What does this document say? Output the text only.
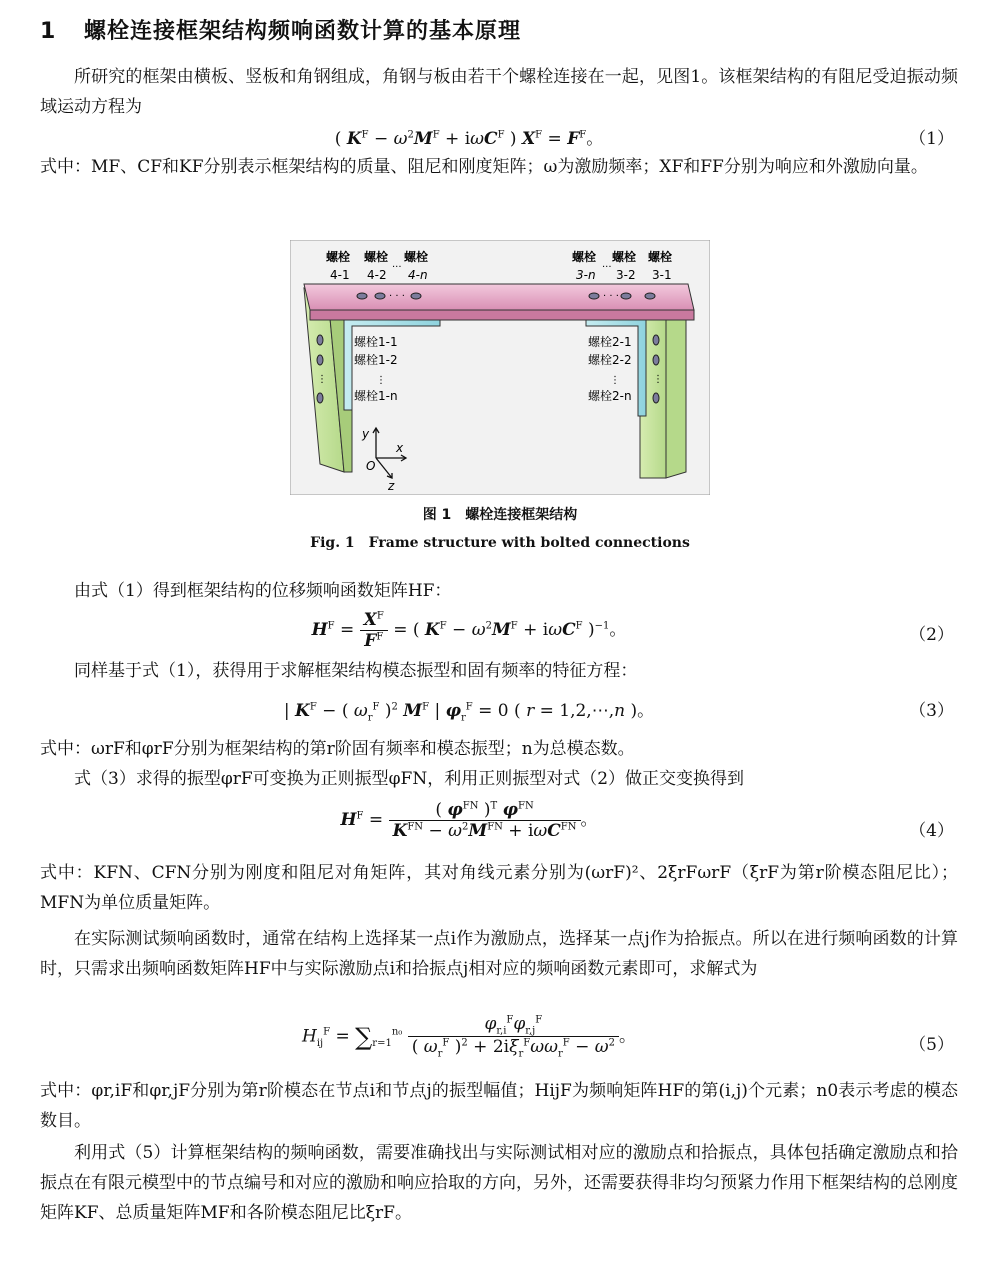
1 螺栓连接框架结构频响函数计算的基本原理
所研究的框架由横板、竖板和角钢组成，角钢与板由若干个螺栓连接在一起，见图1。该框架结构的有阻尼受迫振动频域运动方程为
( $K^F - \omega^2M^F + i\omega C^F$ ) $X^F = F^F$。	（1）
式中：MF、CF和KF分别表示框架结构的质量、阻尼和刚度矩阵；ω为激励频率；XF和FF分别为响应和外激励向量。
· · ·	· · ·
⋮	⋮
螺栓 螺栓 螺栓
4-1 4-2 4-n
···
螺栓 螺栓 螺栓
3-n 3-2 3-1
···
螺栓1-1
螺栓1-2
⋮
螺栓1-n
螺栓2-1
螺栓2-2
⋮
螺栓2-n
y
x
z
O
图 1　螺栓连接框架结构
Fig. 1　Frame structure with bolted connections
由式（1）得到框架结构的位移频响函数矩阵HF：
$H^F = \frac{X^F}{F^F}$ = ( $K^F - \omega^2M^F + i\omega C^F$ )$^{-1}$。	（2）
同样基于式（1），获得用于求解框架结构模态振型和固有频率的特征方程：
| $K^F$ − ( $\omega_r^F$ )$^2$ $M^F$ | $\varphi_r^F = 0$ ( r = 1,2,⋯,n )。	（3）
式中：ωrF和φrF分别为框架结构的第r阶固有频率和模态振型；n为总模态数。
式（3）求得的振型φrF可变换为正则振型φFN，利用正则振型对式（2）做正交变换得到
$H^F = \frac{( \varphi^{FN} )^T \varphi^{FN}}{K^{FN} - \omega^2M^{FN} + i\omega C^{FN}}$ 。
（4）
式中：KFN、CFN分别为刚度和阻尼对角矩阵，其对角线元素分别为(ωrF)²、2ξrFωrF（ξrF为第r阶模态阻尼比）；MFN为单位质量矩阵。
在实际测试频响函数时，通常在结构上选择某一点i作为激励点，选择某一点j作为拾振点。所以在进行频响函数的计算时，只需求出频响函数矩阵HF中与实际激励点i和拾振点j相对应的频响函数元素即可，求解式为
$H_{ij}^F = \sum_{r=1}^{n_0} \frac{\varphi_{r,i}^F\varphi_{r,j}^F}{( \omega_r^F )^2 + 2i\xi_r^F\omega\omega_r^F - \omega^2}$ 。	（5）
式中：φr,iF和φr,jF分别为第r阶模态在节点i和节点j的振型幅值；HijF为频响矩阵HF的第(i,j)个元素；n0表示考虑的模态数目。
利用式（5）计算框架结构的频响函数，需要准确找出与实际测试相对应的激励点和拾振点，具体包括确定激励点和拾振点在有限元模型中的节点编号和对应的激励和响应拾取的方向，另外，还需要获得非均匀预紧力作用下框架结构的总刚度矩阵KF、总质量矩阵MF和各阶模态阻尼比ξrF。
